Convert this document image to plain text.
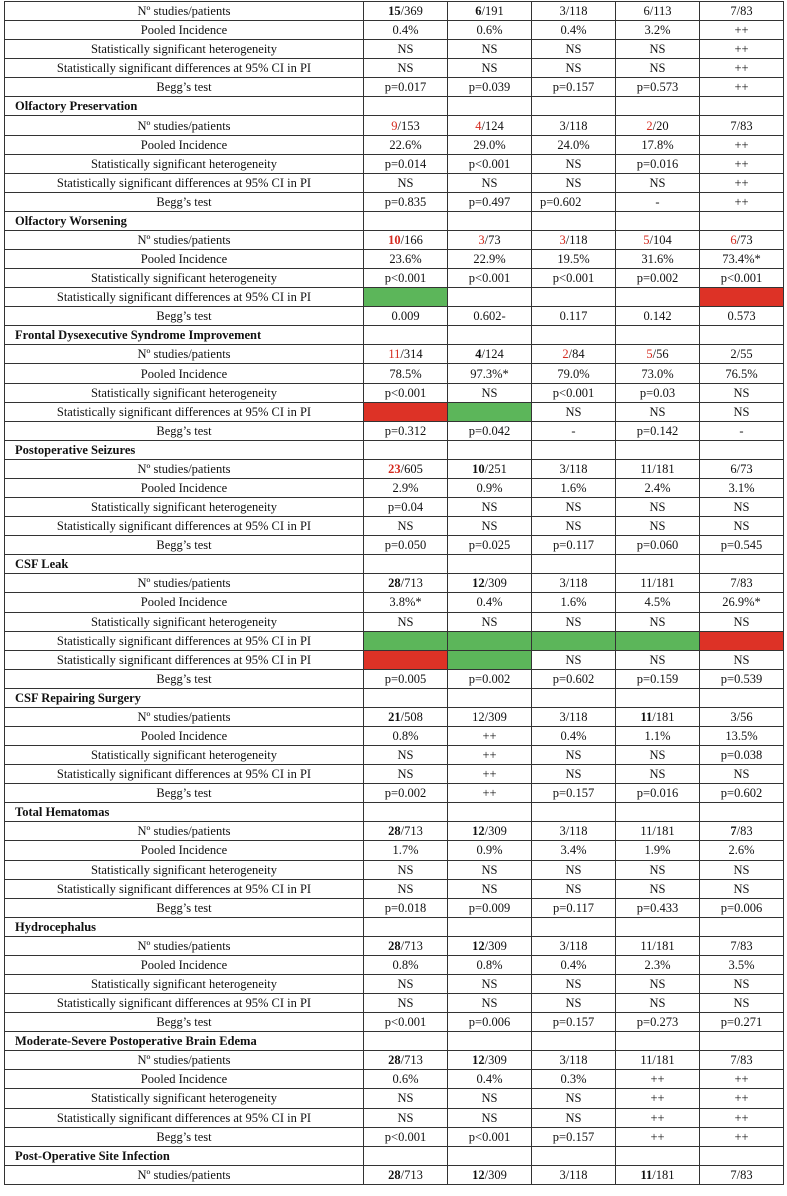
Nº studies/patients	15/369	6/191	3/118	6/113	7/83
Pooled Incidence	0.4%	0.6%	0.4%	3.2%	++
Statistically significant heterogeneity	NS	NS	NS	NS	++
Statistically significant differences at 95% CI in PI	NS	NS	NS	NS	++
Begg’s test	p=0.017	p=0.039	p=0.157	p=0.573	++
Olfactory Preservation					
Nº studies/patients	9/153	4/124	3/118	2/20	7/83
Pooled Incidence	22.6%	29.0%	24.0%	17.8%	++
Statistically significant heterogeneity	p=0.014	p<0.001	NS	p=0.016	++
Statistically significant differences at 95% CI in PI	NS	NS	NS	NS	++
Begg’s test	p=0.835	p=0.497	p=0.602	-	++
Olfactory Worsening					
Nº studies/patients	10/166	3/73	3/118	5/104	6/73
Pooled Incidence	23.6%	22.9%	19.5%	31.6%	73.4%*
Statistically significant heterogeneity	p<0.001	p<0.001	p<0.001	p=0.002	p<0.001
Statistically significant differences at 95% CI in PI					
Begg’s test	0.009	0.602-	0.117	0.142	0.573
Frontal Dysexecutive Syndrome Improvement					
Nº studies/patients	11/314	4/124	2/84	5/56	2/55
Pooled Incidence	78.5%	97.3%*	79.0%	73.0%	76.5%
Statistically significant heterogeneity	p<0.001	NS	p<0.001	p=0.03	NS
Statistically significant differences at 95% CI in PI			NS	NS	NS
Begg’s test	p=0.312	p=0.042	-	p=0.142	-
Postoperative Seizures					
Nº studies/patients	23/605	10/251	3/118	11/181	6/73
Pooled Incidence	2.9%	0.9%	1.6%	2.4%	3.1%
Statistically significant heterogeneity	p=0.04	NS	NS	NS	NS
Statistically significant differences at 95% CI in PI	NS	NS	NS	NS	NS
Begg’s test	p=0.050	p=0.025	p=0.117	p=0.060	p=0.545
CSF Leak					
Nº studies/patients	28/713	12/309	3/118	11/181	7/83
Pooled Incidence	3.8%*	0.4%	1.6%	4.5%	26.9%*
Statistically significant heterogeneity	NS	NS	NS	NS	NS
Statistically significant differences at 95% CI in PI					
Statistically significant differences at 95% CI in PI			NS	NS	NS
Begg’s test	p=0.005	p=0.002	p=0.602	p=0.159	p=0.539
CSF Repairing Surgery					
Nº studies/patients	21/508	12/309	3/118	11/181	3/56
Pooled Incidence	0.8%	++	0.4%	1.1%	13.5%
Statistically significant heterogeneity	NS	++	NS	NS	p=0.038
Statistically significant differences at 95% CI in PI	NS	++	NS	NS	NS
Begg’s test	p=0.002	++	p=0.157	p=0.016	p=0.602
Total Hematomas					
Nº studies/patients	28/713	12/309	3/118	11/181	7/83
Pooled Incidence	1.7%	0.9%	3.4%	1.9%	2.6%
Statistically significant heterogeneity	NS	NS	NS	NS	NS
Statistically significant differences at 95% CI in PI	NS	NS	NS	NS	NS
Begg’s test	p=0.018	p=0.009	p=0.117	p=0.433	p=0.006
Hydrocephalus					
Nº studies/patients	28/713	12/309	3/118	11/181	7/83
Pooled Incidence	0.8%	0.8%	0.4%	2.3%	3.5%
Statistically significant heterogeneity	NS	NS	NS	NS	NS
Statistically significant differences at 95% CI in PI	NS	NS	NS	NS	NS
Begg’s test	p<0.001	p=0.006	p=0.157	p=0.273	p=0.271
Moderate-Severe Postoperative Brain Edema					
Nº studies/patients	28/713	12/309	3/118	11/181	7/83
Pooled Incidence	0.6%	0.4%	0.3%	++	++
Statistically significant heterogeneity	NS	NS	NS	++	++
Statistically significant differences at 95% CI in PI	NS	NS	NS	++	++
Begg’s test	p<0.001	p<0.001	p=0.157	++	++
Post-Operative Site Infection					
Nº studies/patients	28/713	12/309	3/118	11/181	7/83
